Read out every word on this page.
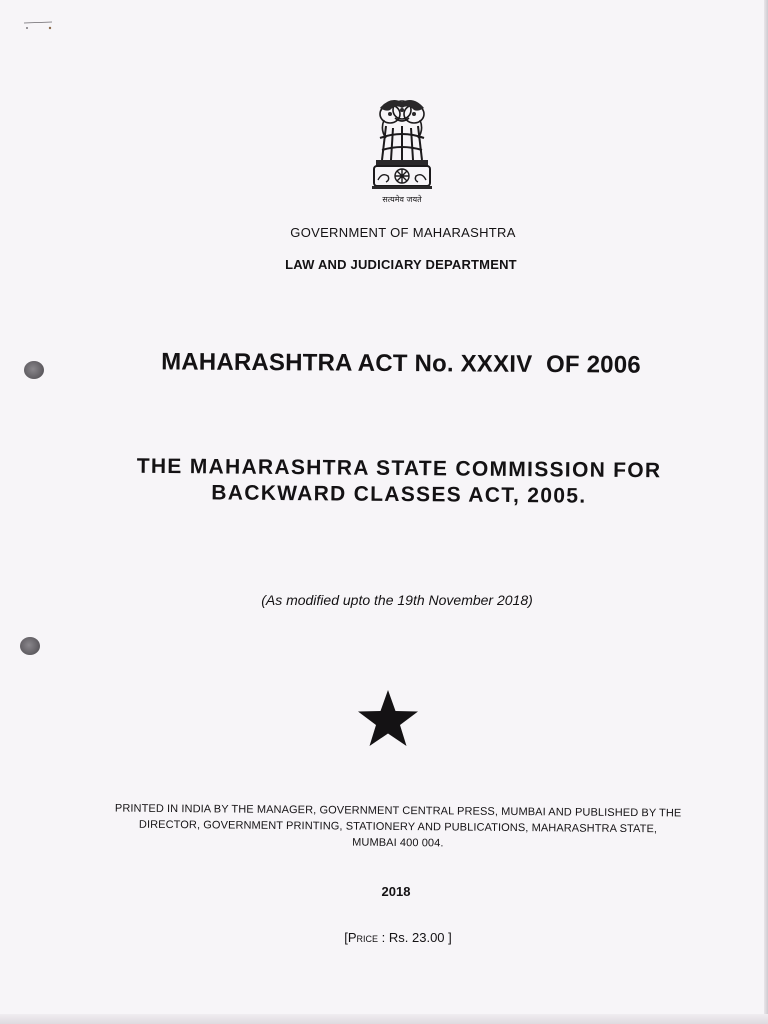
सत्यमेव जयते
GOVERNMENT OF MAHARASHTRA
LAW AND JUDICIARY DEPARTMENT
MAHARASHTRA ACT No. XXXIV  OF 2006
THE MAHARASHTRA STATE COMMISSION FOR
BACKWARD CLASSES ACT, 2005.
(As modified upto the 19th November 2018)
PRINTED IN INDIA BY THE MANAGER, GOVERNMENT CENTRAL PRESS, MUMBAI AND PUBLISHED BY THE
DIRECTOR, GOVERNMENT PRINTING, STATIONERY AND PUBLICATIONS, MAHARASHTRA STATE,
MUMBAI 400 004.
2018
[Price : Rs. 23.00 ]
